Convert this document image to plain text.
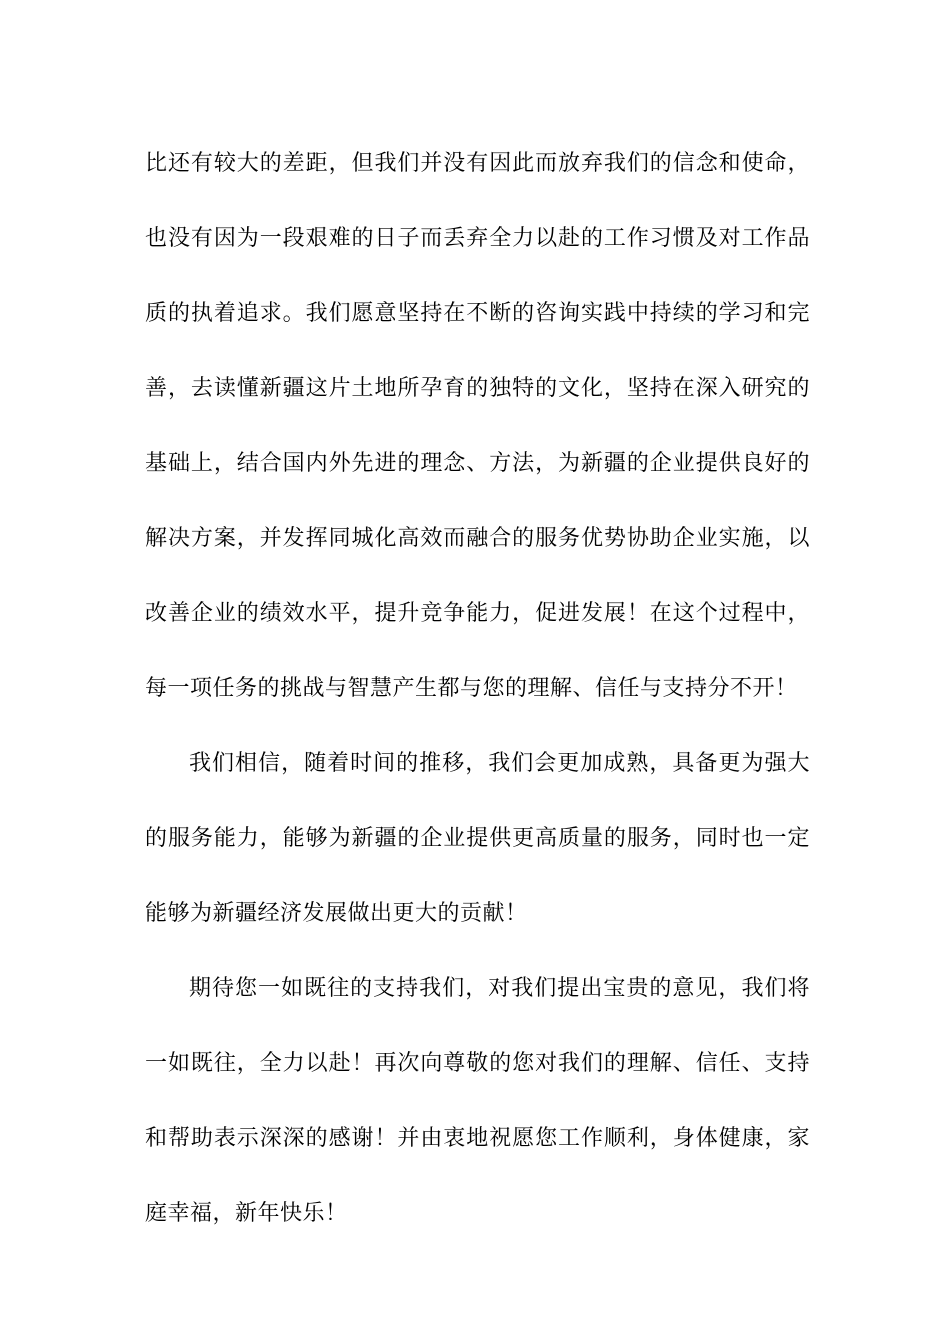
比还有较大的差距，但我们并没有因此而放弃我们的信念和使命，
也没有因为一段艰难的日子而丢弃全力以赴的工作习惯及对工作品
质的执着追求。我们愿意坚持在不断的咨询实践中持续的学习和完
善，去读懂新疆这片土地所孕育的独特的文化，坚持在深入研究的
基础上，结合国内外先进的理念、方法，为新疆的企业提供良好的
解决方案，并发挥同城化高效而融合的服务优势协助企业实施，以
改善企业的绩效水平，提升竞争能力，促进发展！在这个过程中，
每一项任务的挑战与智慧产生都与您的理解、信任与支持分不开！
我们相信，随着时间的推移，我们会更加成熟，具备更为强大
的服务能力，能够为新疆的企业提供更高质量的服务，同时也一定
能够为新疆经济发展做出更大的贡献！
期待您一如既往的支持我们，对我们提出宝贵的意见，我们将
一如既往，全力以赴！再次向尊敬的您对我们的理解、信任、支持
和帮助表示深深的感谢！并由衷地祝愿您工作顺利，身体健康，家
庭幸福，新年快乐！
